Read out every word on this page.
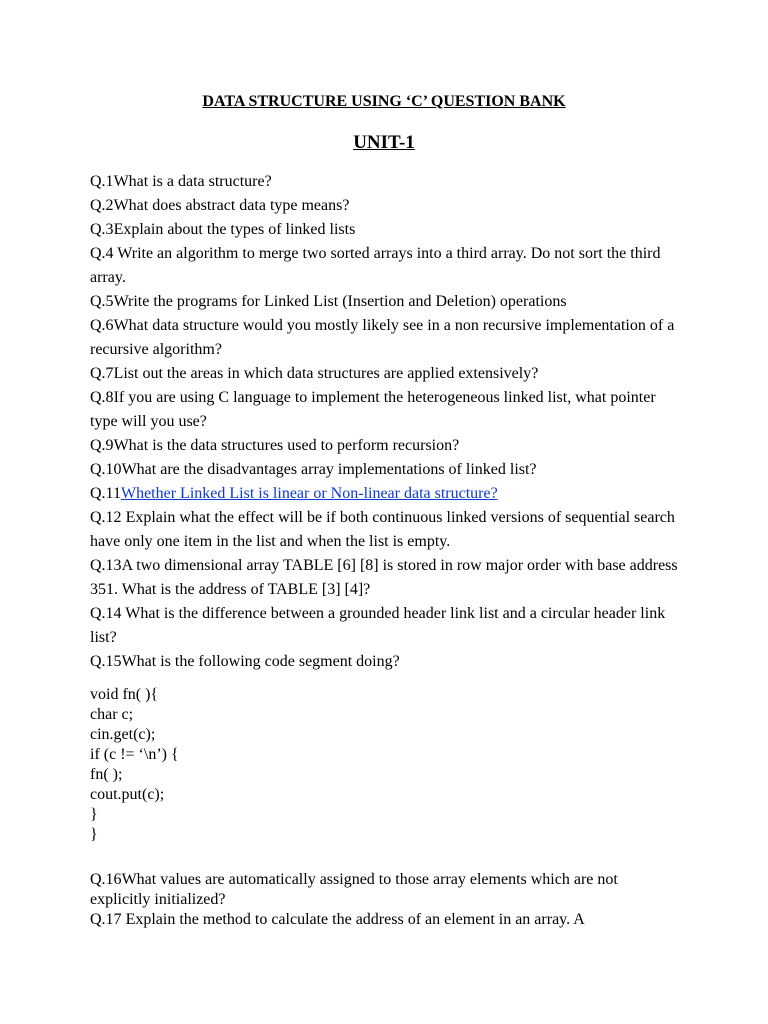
DATA STRUCTURE USING ‘C’ QUESTION BANK
UNIT-1

Q.1What is a data structure?

Q.2What does abstract data type means?

Q.3Explain about the types of linked lists

Q.4 Write an algorithm to merge two sorted arrays into a third array. Do not sort the third array.

Q.5Write the programs for Linked List (Insertion and Deletion) operations

Q.6What data structure would you mostly likely see in a non recursive implementation of a recursive algorithm?

Q.7List out the areas in which data structures are applied extensively?

Q.8If you are using C language to implement the heterogeneous linked list, what pointer type will you use?

Q.9What is the data structures used to perform recursion?

Q.10What are the disadvantages array implementations of linked list?

Q.11Whether Linked List is linear or Non-linear data structure?

Q.12 Explain what the effect will be if both continuous linked versions of sequential search have only one item in the list and when the list is empty.

Q.13A two dimensional array TABLE [6] [8] is stored in row major order with base address 351. What is the address of TABLE [3] [4]?

Q.14 What is the difference between a grounded header link list and a circular header link list?

Q.15What is the following code segment doing?

void fn( ){
char c;
cin.get(c);
if (c != ‘\n’) {
fn( );
cout.put(c);
}
}

Q.16What values are automatically assigned to those array elements which are not explicitly initialized?

Q.17 Explain the method to calculate the address of an element in an array. A
